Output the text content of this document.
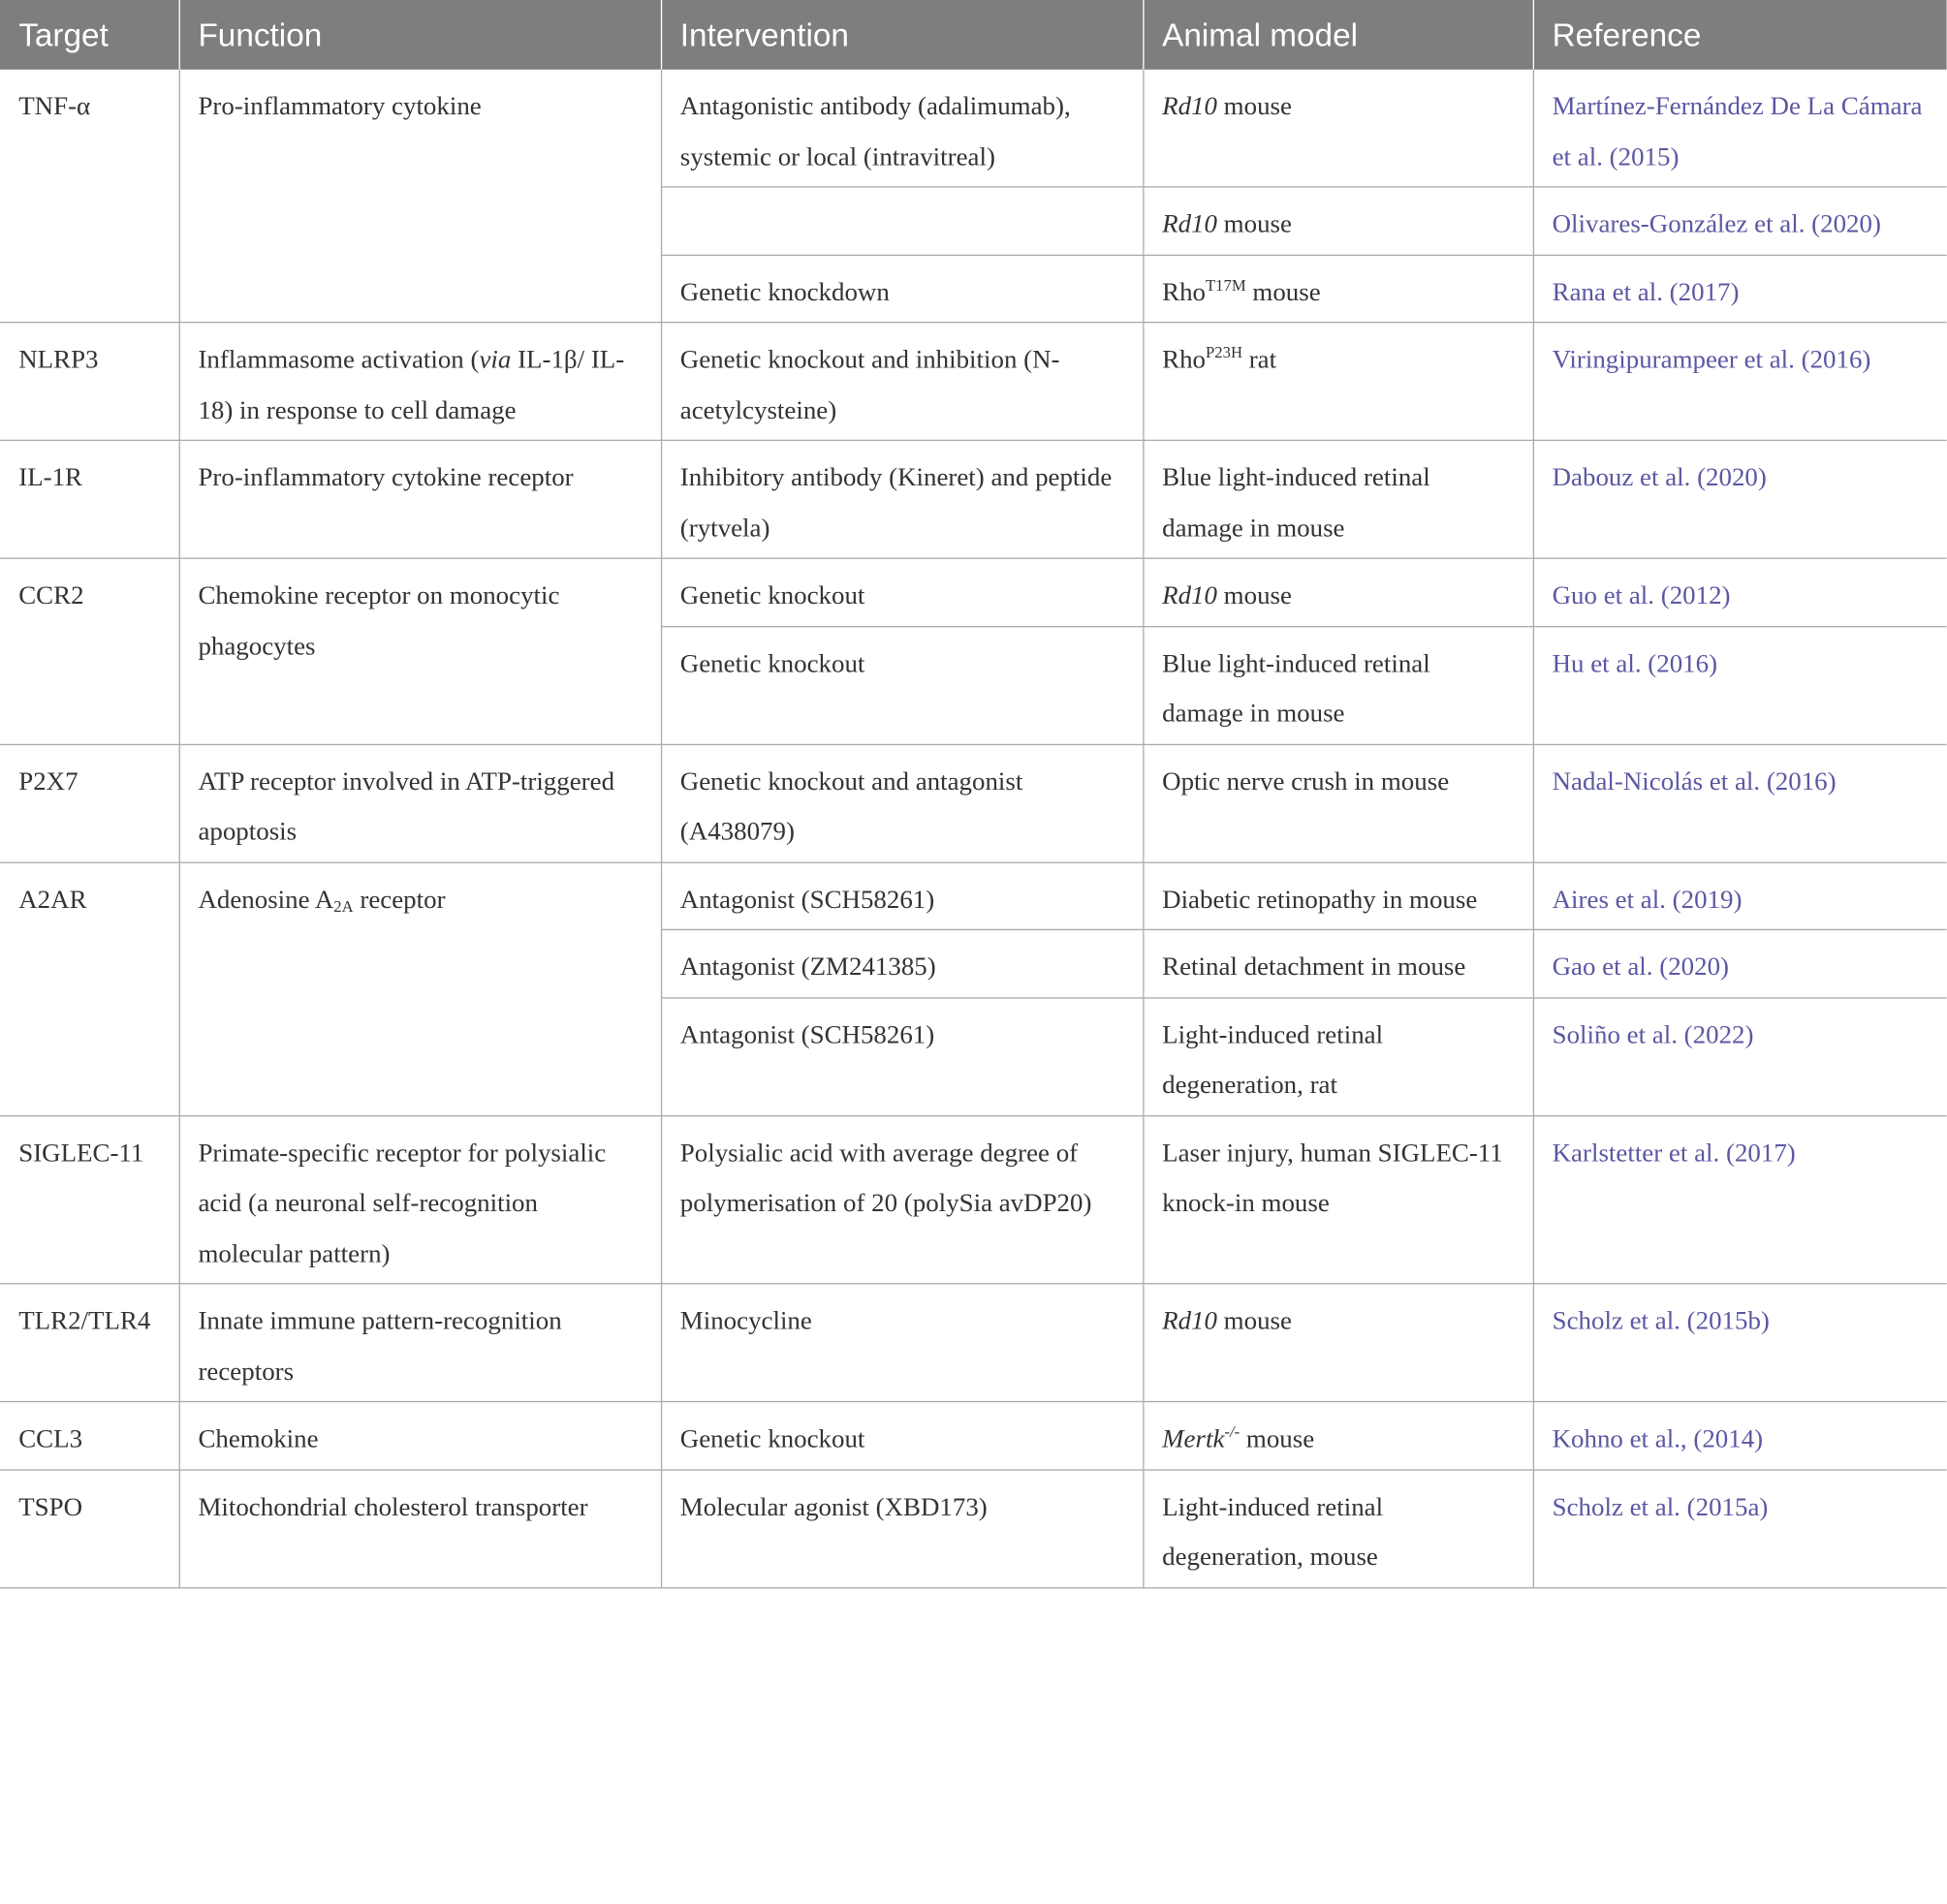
Target	Function	Intervention	Animal model	Reference
TNF-α	Pro-inflammatory cytokine	Antagonistic antibody (adalimumab), systemic or local (intravitreal)	Rd10 mouse	Martínez-Fernández De La Cámara et al. (2015)
			Rd10 mouse	Olivares-González et al. (2020)
		Genetic knockdown	Rho$^{T17M}$ mouse	Rana et al. (2017)
NLRP3	Inflammasome activation (via IL-1β/ IL-18) in response to cell damage	Genetic knockout and inhibition (N-acetylcysteine)	Rho$^{P23H}$ rat	Viringipurampeer et al. (2016)
IL-1R	Pro-inflammatory cytokine receptor	Inhibitory antibody (Kineret) and peptide (rytvela)	Blue light-induced retinal damage in mouse	Dabouz et al. (2020)
CCR2	Chemokine receptor on monocytic phagocytes	Genetic knockout	Rd10 mouse	Guo et al. (2012)
		Genetic knockout	Blue light-induced retinal damage in mouse	Hu et al. (2016)
P2X7	ATP receptor involved in ATP-triggered apoptosis	Genetic knockout and antagonist (A438079)	Optic nerve crush in mouse	Nadal-Nicolás et al. (2016)
A2AR	Adenosine $A_{2A}$ receptor	Antagonist (SCH58261)	Diabetic retinopathy in mouse	Aires et al. (2019)
		Antagonist (ZM241385)	Retinal detachment in mouse	Gao et al. (2020)
		Antagonist (SCH58261)	Light-induced retinal degeneration, rat	Soliño et al. (2022)
SIGLEC-11	Primate-specific receptor for polysialic acid (a neuronal self-recognition molecular pattern)	Polysialic acid with average degree of polymerisation of 20 (polySia avDP20)	Laser injury, human SIGLEC-11 knock-in mouse	Karlstetter et al. (2017)
TLR2/TLR4	Innate immune pattern-recognition receptors	Minocycline	Rd10 mouse	Scholz et al. (2015b)
CCL3	Chemokine	Genetic knockout	Mertk-/- mouse	Kohno et al., (2014)
TSPO	Mitochondrial cholesterol transporter	Molecular agonist (XBD173)	Light-induced retinal degeneration, mouse	Scholz et al. (2015a)
